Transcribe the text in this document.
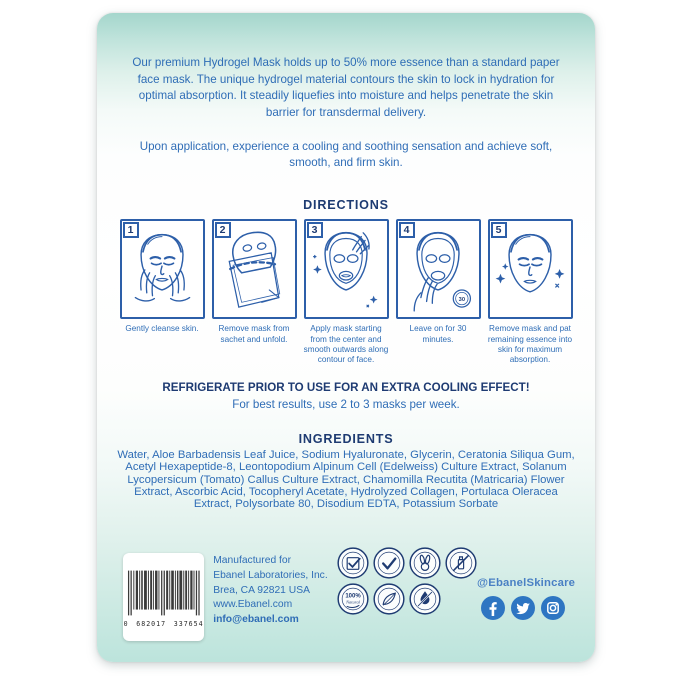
Our premium Hydrogel Mask holds up to 50% more essence than a standard paper face mask. The unique hydrogel material contours the skin to lock in hydration for optimal absorption. It steadily liquefies into moisture and helps penetrate the skin barrier for transdermal delivery.

Upon application, experience a cooling and soothing sensation and achieve soft, smooth, and firm skin.

DIRECTIONS
1
Gently cleanse skin.
2
Remove mask from sachet and unfold.
3
Apply mask starting from the center and smooth outwards along contour of face.
30
4
Leave on for 30 minutes.
5
Remove mask and pat remaining essence into skin for maximum absorption.
REFRIGERATE PRIOR TO USE FOR AN EXTRA COOLING EFFECT!
For best results, use 2 to 3 masks per week.
INGREDIENTS

Water, Aloe Barbadensis Leaf Juice, Sodium Hyaluronate, Glycerin, Ceratonia Siliqua Gum, Acetyl Hexapeptide-8, Leontopodium Alpinum Cell (Edelweiss) Culture Extract, Solanum Lycopersicum (Tomato) Callus Culture Extract, Chamomilla Recutita (Matricaria) Flower Extract, Ascorbic Acid, Tocopheryl Acetate, Hydrolyzed Collagen, Portulaca Oleracea Extract, Polysorbate 80, Disodium EDTA, Potassium Sorbate

0 682017 337654
Manufactured for
Ebanel Laboratories, Inc.
Brea, CA 92821 USA
www.Ebanel.com
info@ebanel.com
100%
Natural
@EbanelSkincare
